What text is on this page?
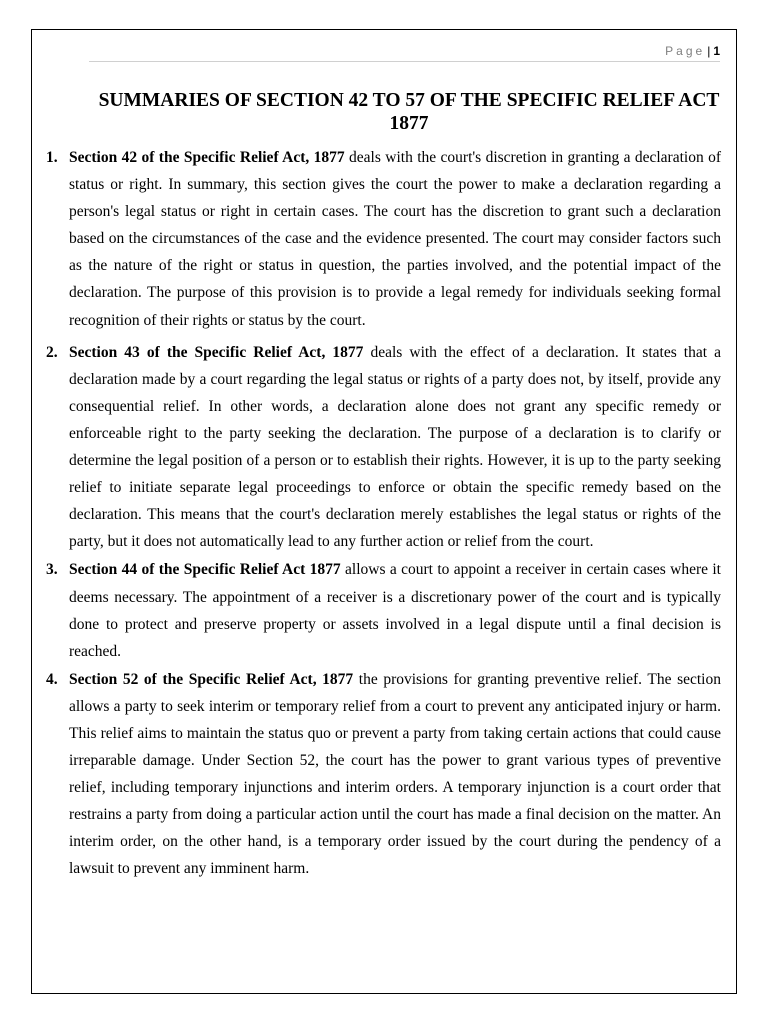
Page | 1
SUMMARIES OF SECTION 42 TO 57 OF THE SPECIFIC RELIEF ACT 1877
1. Section 42 of the Specific Relief Act, 1877 deals with the court's discretion in granting a declaration of status or right. In summary, this section gives the court the power to make a declaration regarding a person's legal status or right in certain cases. The court has the discretion to grant such a declaration based on the circumstances of the case and the evidence presented. The court may consider factors such as the nature of the right or status in question, the parties involved, and the potential impact of the declaration. The purpose of this provision is to provide a legal remedy for individuals seeking formal recognition of their rights or status by the court.

2. Section 43 of the Specific Relief Act, 1877 deals with the effect of a declaration. It states that a declaration made by a court regarding the legal status or rights of a party does not, by itself, provide any consequential relief. In other words, a declaration alone does not grant any specific remedy or enforceable right to the party seeking the declaration. The purpose of a declaration is to clarify or determine the legal position of a person or to establish their rights. However, it is up to the party seeking relief to initiate separate legal proceedings to enforce or obtain the specific remedy based on the declaration. This means that the court's declaration merely establishes the legal status or rights of the party, but it does not automatically lead to any further action or relief from the court.

3. Section 44 of the Specific Relief Act 1877 allows a court to appoint a receiver in certain cases where it deems necessary. The appointment of a receiver is a discretionary power of the court and is typically done to protect and preserve property or assets involved in a legal dispute until a final decision is reached.

4. Section 52 of the Specific Relief Act, 1877 the provisions for granting preventive relief. The section allows a party to seek interim or temporary relief from a court to prevent any anticipated injury or harm. This relief aims to maintain the status quo or prevent a party from taking certain actions that could cause irreparable damage. Under Section 52, the court has the power to grant various types of preventive relief, including temporary injunctions and interim orders. A temporary injunction is a court order that restrains a party from doing a particular action until the court has made a final decision on the matter. An interim order, on the other hand, is a temporary order issued by the court during the pendency of a lawsuit to prevent any imminent harm.
